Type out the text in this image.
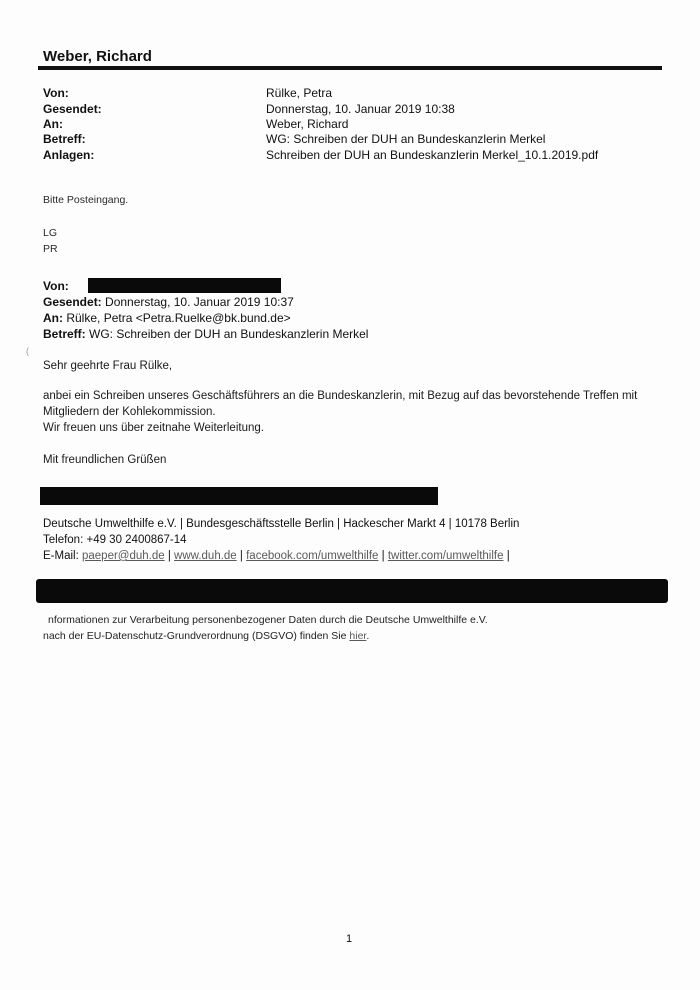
Weber, Richard
Von:	Rülke, Petra
Gesendet:	Donnerstag, 10. Januar 2019 10:38
An:	Weber, Richard
Betreff:	WG: Schreiben der DUH an Bundeskanzlerin Merkel
Anlagen:	Schreiben der DUH an Bundeskanzlerin Merkel_10.1.2019.pdf
Bitte Posteingang.
LG
PR
Von:
Gesendet: Donnerstag, 10. Januar 2019 10:37
An: Rülke, Petra <Petra.Ruelke@bk.bund.de>
Betreff: WG: Schreiben der DUH an Bundeskanzlerin Merkel
(
Sehr geehrte Frau Rülke,
anbei ein Schreiben unseres Geschäftsführers an die Bundeskanzlerin, mit Bezug auf das bevorstehende Treffen mit
Mitgliedern der Kohlekommission.
Wir freuen uns über zeitnahe Weiterleitung.
Mit freundlichen Grüßen
Deutsche Umwelthilfe e.V. | Bundesgeschäftsstelle Berlin | Hackescher Markt 4 | 10178 Berlin
Telefon: +49 30 2400867-14
E-Mail: paeper@duh.de | www.duh.de | facebook.com/umwelthilfe | twitter.com/umwelthilfe |
nformationen zur Verarbeitung personenbezogener Daten durch die Deutsche Umwelthilfe e.V.
nach der EU-Datenschutz-Grundverordnung (DSGVO) finden Sie hier.
1
